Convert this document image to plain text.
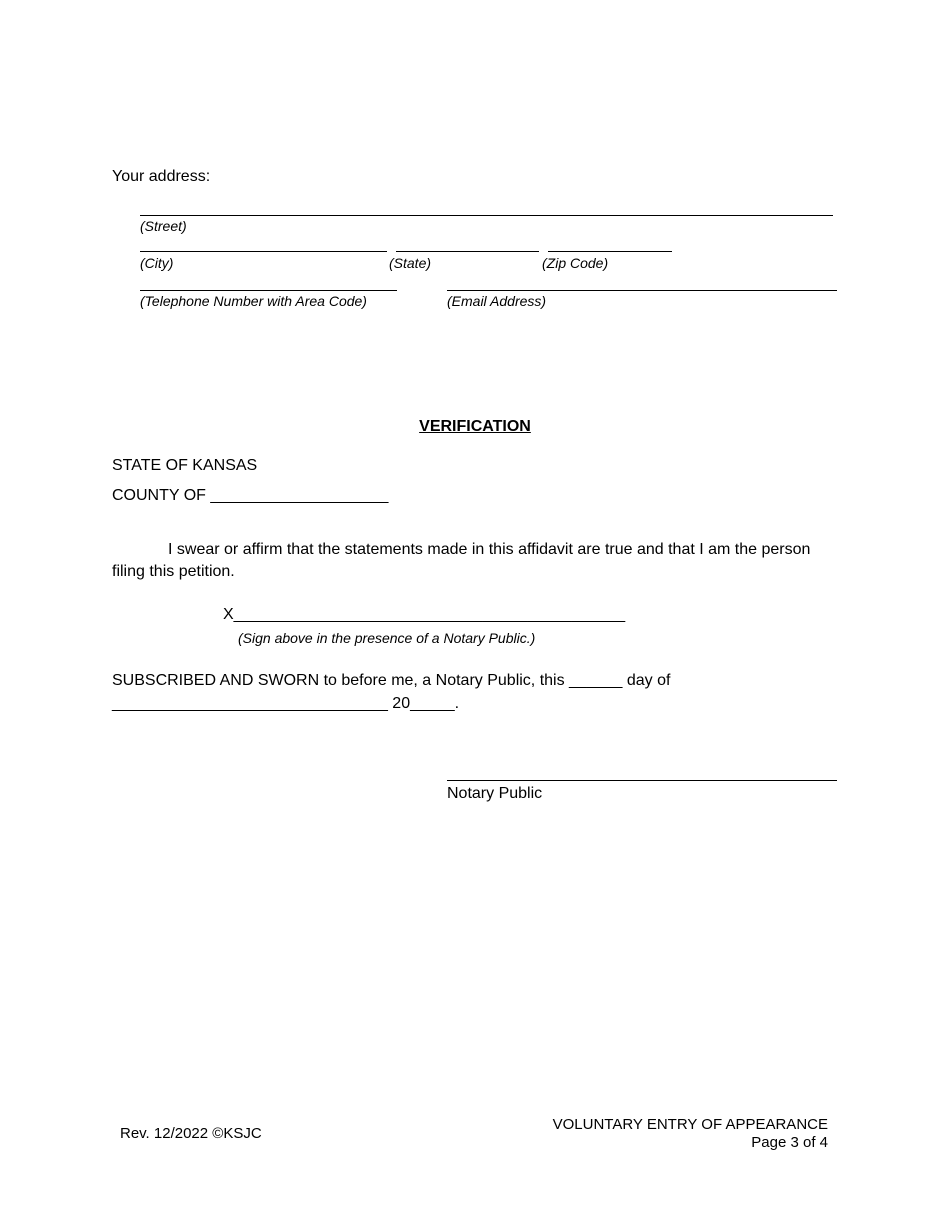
Your address:
(Street)
(City)	(State)	(Zip Code)
(Telephone Number with Area Code)	(Email Address)
VERIFICATION
STATE OF KANSAS
COUNTY OF ____________________
I swear or affirm that the statements made in this affidavit are true and that I am the person filing this petition.
X____________________________________________
(Sign above in the presence of a Notary Public.)
SUBSCRIBED AND SWORN to before me, a Notary Public, this ______ day of
_______________________________ 20_____.
Notary Public
Rev. 12/2022 ©KSJC
VOLUNTARY ENTRY OF APPEARANCE
Page 3 of 4
